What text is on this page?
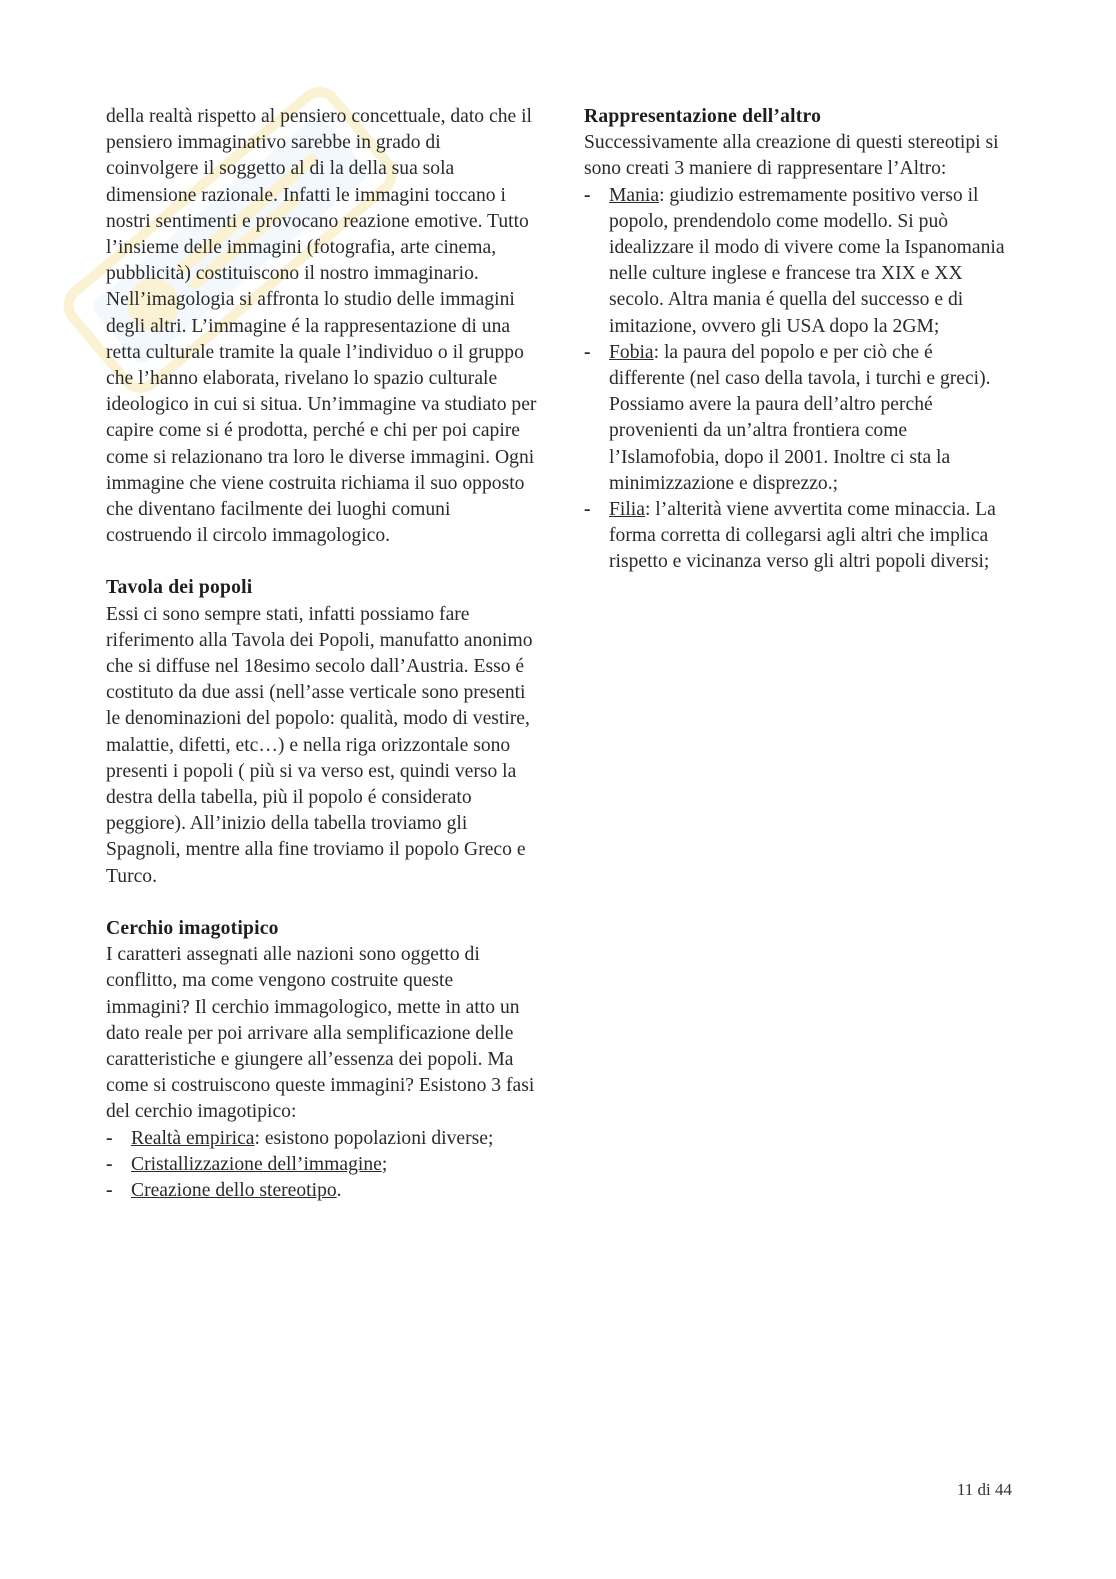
della realtà rispetto al pensiero concettuale, dato che il pensiero immaginativo sarebbe in grado di coinvolgere il soggetto al di la della sua sola dimensione razionale. Infatti le immagini toccano i nostri sentimenti e provocano reazione emotive. Tutto l’insieme delle immagini (fotografia, arte cinema, pubblicità) costituiscono il nostro immaginario. Nell’imagologia si affronta lo studio delle immagini degli altri. L’immagine é la rappresentazione di una retta culturale tramite la quale l’individuo o il gruppo che l’hanno elaborata, rivelano lo spazio culturale ideologico in cui si situa. Un’immagine va studiato per capire come si é prodotta, perché e chi per poi capire come si relazionano tra loro le diverse immagini. Ogni immagine che viene costruita richiama il suo opposto che diventano facilmente dei luoghi comuni costruendo il circolo immagologico.

Tavola dei popoli

Essi ci sono sempre stati, infatti possiamo fare riferimento alla Tavola dei Popoli, manufatto anonimo che si diffuse nel 18esimo secolo dall’Austria. Esso é costituto da due assi (nell’asse verticale sono presenti le denominazioni del popolo: qualità, modo di vestire, malattie, difetti, etc…) e nella riga orizzontale sono presenti i popoli ( più si va verso est, quindi verso la destra della tabella, più il popolo é considerato peggiore). All’inizio della tabella troviamo gli Spagnoli, mentre alla fine troviamo il popolo Greco e Turco.

Cerchio imagotipico

I caratteri assegnati alle nazioni sono oggetto di conflitto, ma come vengono costruite queste immagini? Il cerchio immagologico, mette in atto un dato reale per poi arrivare alla semplificazione delle caratteristiche e giungere all’essenza dei popoli. Ma come si costruiscono queste immagini? Esistono 3 fasi del cerchio imagotipico:

- Realtà empirica: esistono popolazioni diverse;
- Cristallizzazione dell’immagine;
- Creazione dello stereotipo.
Rappresentazione dell’altro

Successivamente alla creazione di questi stereotipi si sono creati 3 maniere di rappresentare l’Altro:

- Mania: giudizio estremamente positivo verso il popolo, prendendolo come modello. Si può idealizzare il modo di vivere come la Ispanomania nelle culture inglese e francese tra XIX e XX secolo. Altra mania é quella del successo e di imitazione, ovvero gli USA dopo la 2GM;
- Fobia: la paura del popolo e per ciò che é differente (nel caso della tavola, i turchi e greci). Possiamo avere la paura dell’altro perché provenienti da un’altra frontiera come l’Islamofobia, dopo il 2001. Inoltre ci sta la minimizzazione e disprezzo.;
- Filia: l’alterità viene avvertita come minaccia. La forma corretta di collegarsi agli altri che implica rispetto e vicinanza verso gli altri popoli diversi;
11 di 44
